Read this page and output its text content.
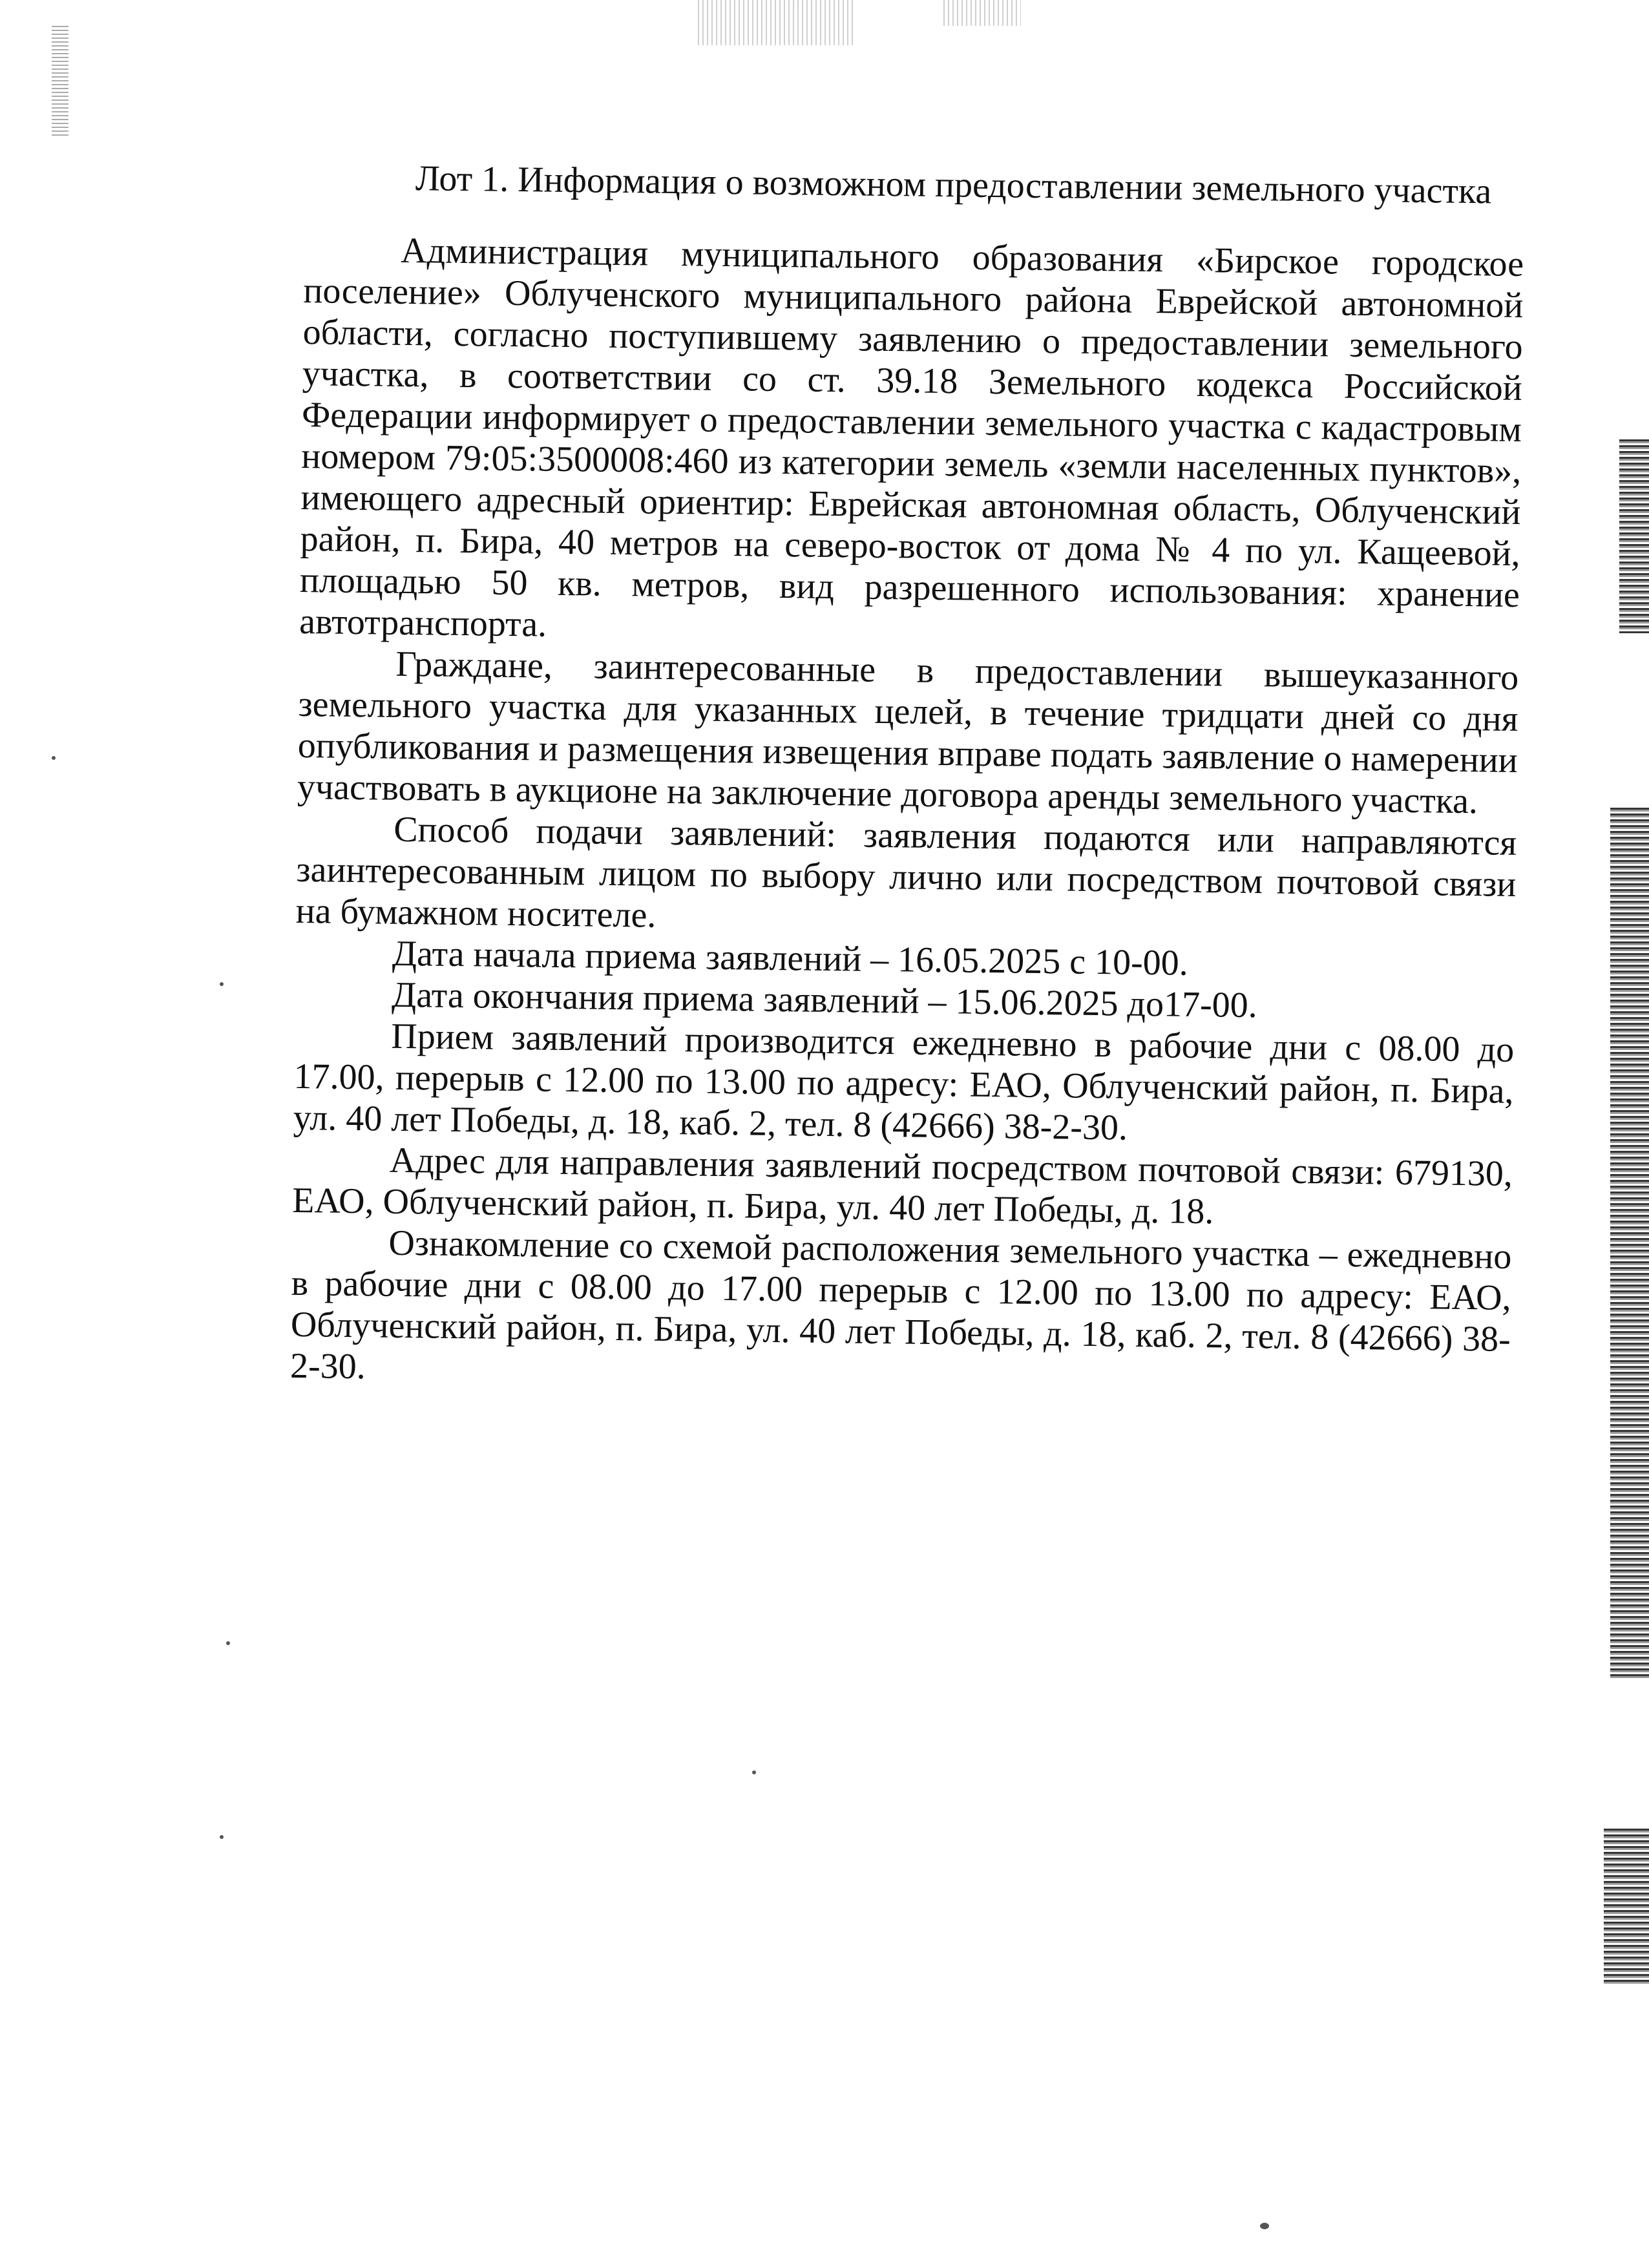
Лот 1. Информация о возможном предоставлении земельного участка

Администрация муниципального образования «Бирское городское поселение» Облученского муниципального района Еврейской автономной области, согласно поступившему заявлению о предоставлении земельного участка, в соответствии со ст. 39.18 Земельного кодекса Российской Федерации информирует о предоставлении земельного участка с кадастровым номером 79:05:3500008:460 из категории земель «земли населенных пунктов», имеющего адресный ориентир: Еврейская автономная область, Облученский район, п. Бира, 40 метров на северо-восток от дома № 4 по ул. Кащеевой, площадью 50 кв. метров, вид разрешенного использования: хранение автотранспорта.

Граждане, заинтересованные в предоставлении вышеуказанного земельного участка для указанных целей, в течение тридцати дней со дня опубликования и размещения извещения вправе подать заявление о намерении участвовать в аукционе на заключение договора аренды земельного участка.

Способ подачи заявлений: заявления подаются или направляются заинтересованным лицом по выбору лично или посредством почтовой связи на бумажном носителе.

Дата начала приема заявлений – 16.05.2025 с 10-00.

Дата окончания приема заявлений – 15.06.2025 до17-00.

Прием заявлений производится ежедневно в рабочие дни с 08.00 до 17.00, перерыв с 12.00 по 13.00 по адресу: ЕАО, Облученский район, п. Бира, ул. 40 лет Победы, д. 18, каб. 2, тел. 8 (42666) 38-2-30.

Адрес для направления заявлений посредством почтовой связи: 679130, ЕАО, Облученский район, п. Бира, ул. 40 лет Победы, д. 18.

Ознакомление со схемой расположения земельного участка – ежедневно в рабочие дни с 08.00 до 17.00 перерыв с 12.00 по 13.00 по адресу: ЕАО, Облученский район, п. Бира, ул. 40 лет Победы, д. 18, каб. 2, тел. 8 (42666) 38-2-30.
